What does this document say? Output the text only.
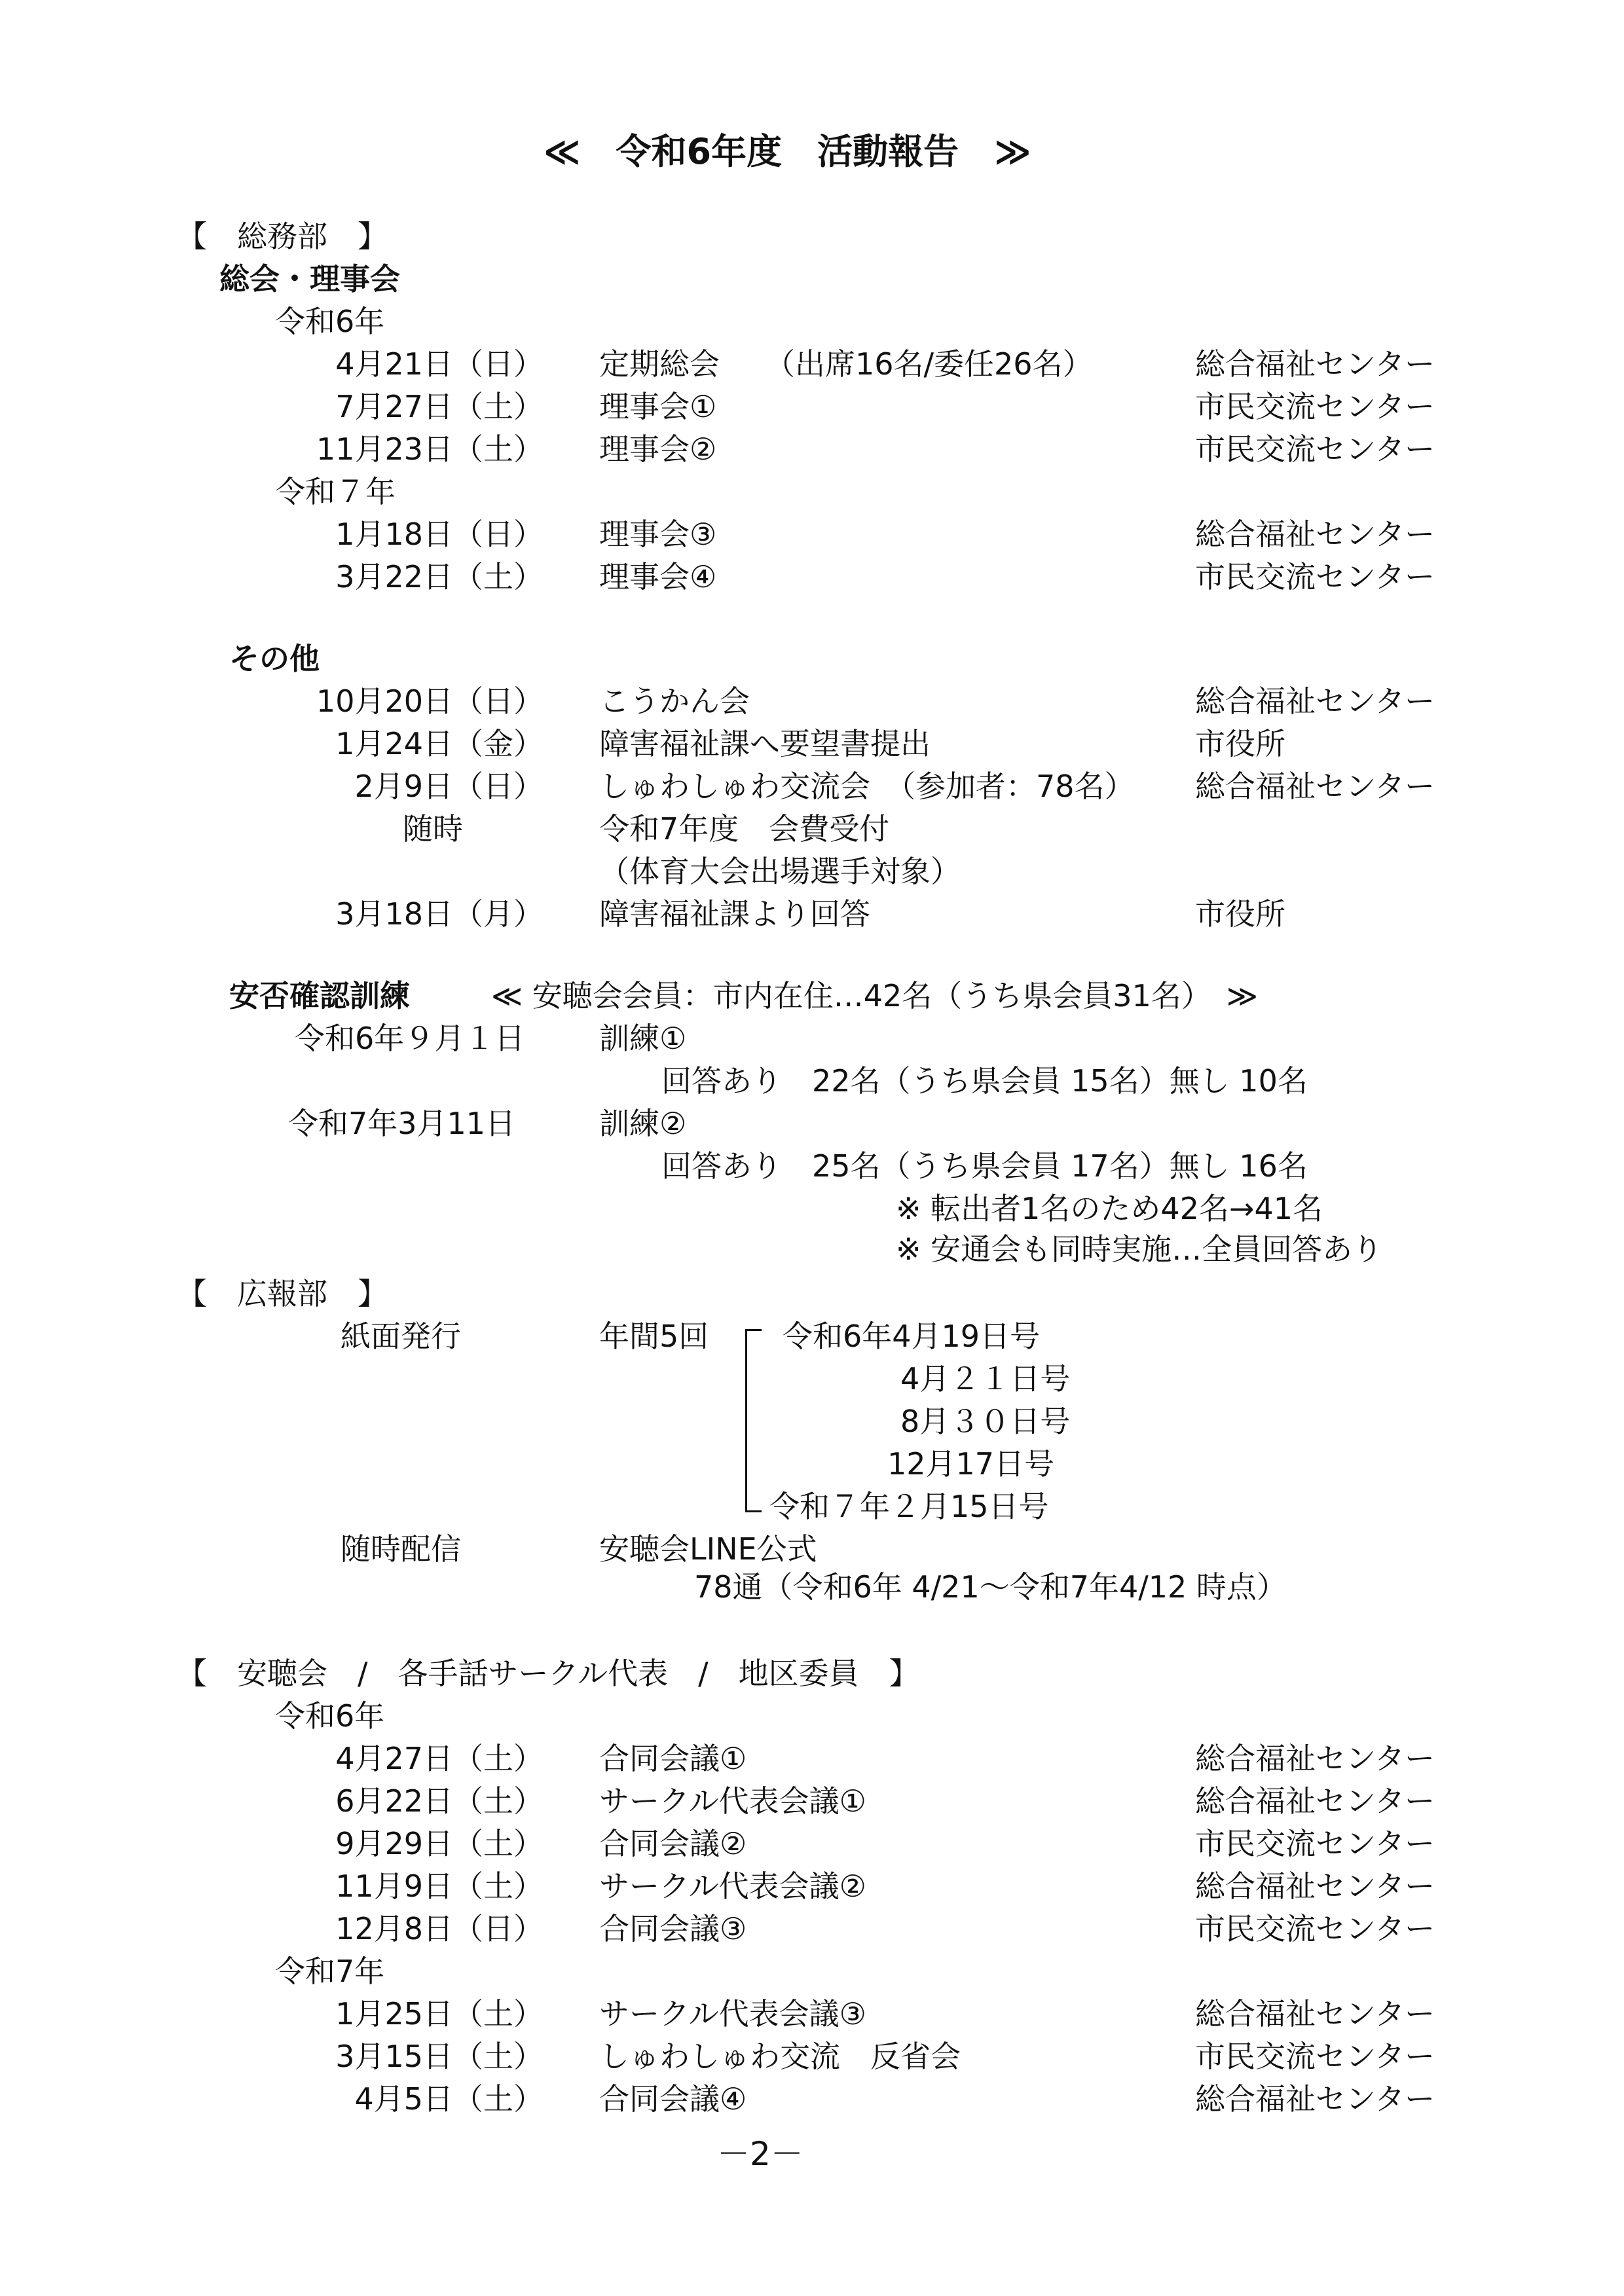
≪　令和6年度　活動報告　≫
【　総務部　】
総会・理事会
令和6年
4月21日（日） 定期総会　　（出席16名/委任26名）	総合福祉センター
7月27日（土） 理事会①	市民交流センター
11月23日（土） 理事会②	市民交流センター
令和７年
1月18日（日） 理事会③	総合福祉センター
3月22日（土） 理事会④	市民交流センター
その他
10月20日（日） こうかん会	総合福祉センター
1月24日（金） 障害福祉課へ要望書提出	市役所
2月9日（日） しゅわしゅわ交流会　（参加者：78名） 総合福祉センター
随時	令和7年度　会費受付
（体育大会出場選手対象）
3月18日（月） 障害福祉課より回答	市役所
安否確認訓練	≪ 安聴会会員：市内在住…42名（うち県会員31名）　≫
令和6年９月１日 訓練①
回答あり　22名（うち県会員 15名）無し 10名
令和7年3月11日	訓練②
回答あり　25名（うち県会員 17名）無し 16名
※ 転出者1名のため42名→41名
※ 安通会も同時実施…全員回答あり
【　広報部　】
紙面発行	年間5回 令和6年4月19日号
4月２１日号
8月３０日号
12月17日号
令和７年２月15日号
随時配信	安聴会LINE公式
78通（令和6年 4/21～令和7年4/12 時点）
【　安聴会　/　各手話サークル代表　/　地区委員　】
令和6年
4月27日（土） 合同会議①	総合福祉センター
6月22日（土） サークル代表会議①	総合福祉センター
9月29日（土） 合同会議②	市民交流センター
11月9日（土） サークル代表会議②	総合福祉センター
12月8日（日） 合同会議③	市民交流センター
令和7年
1月25日（土） サークル代表会議③	総合福祉センター
3月15日（土） しゅわしゅわ交流　反省会	市民交流センター
4月5日（土） 合同会議④	総合福祉センター
－2－
